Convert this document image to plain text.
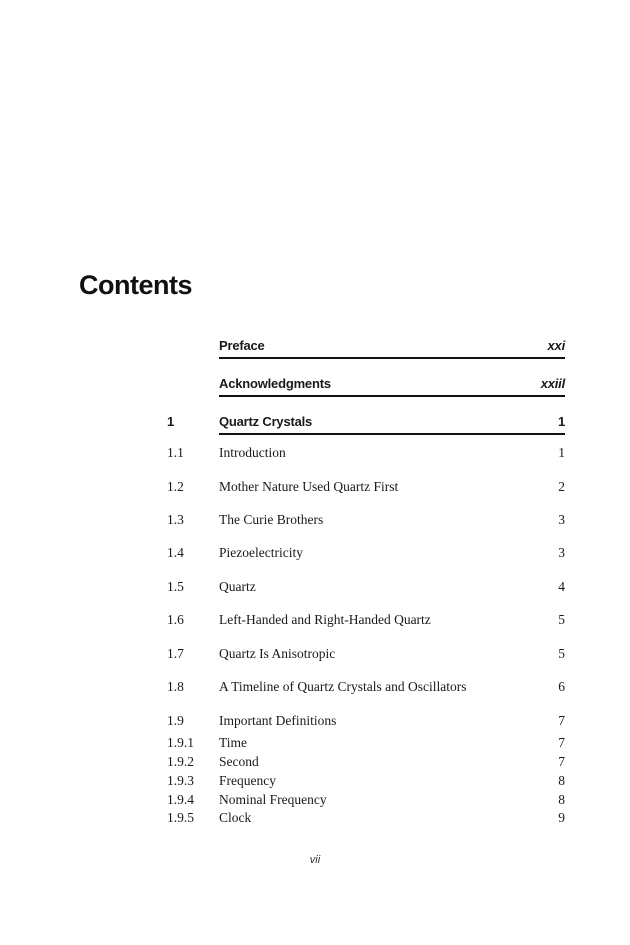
Contents
Preface	xxi
Acknowledgments	xxiil
1	Quartz Crystals	1
1.1	Introduction	1
1.2	Mother Nature Used Quartz First	2
1.3	The Curie Brothers	3
1.4	Piezoelectricity	3
1.5	Quartz	4
1.6	Left-Handed and Right-Handed Quartz	5
1.7	Quartz Is Anisotropic	5
1.8	A Timeline of Quartz Crystals and Oscillators	6
1.9	Important Definitions	7
1.9.1 Time	7
1.9.2 Second	7
1.9.3 Frequency	8
1.9.4 Nominal Frequency	8
1.9.5 Clock	9
vii
